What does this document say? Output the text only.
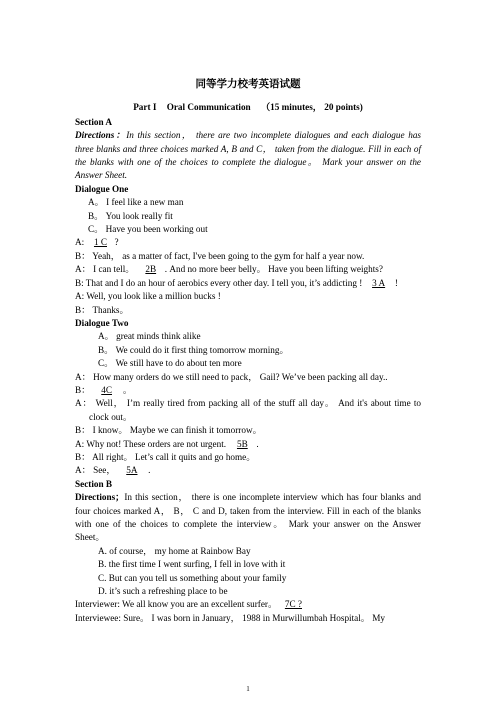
同等学力校考英语试题
Part I Oral Communication （15 minutes， 20 points)
Section A
Directions：In this section， there are two incomplete dialogues and each dialogue has three blanks and three choices marked A, B and C， taken from the dialogue. Fill in each of the blanks with one of the choices to complete the dialogue。 Mark your answer on the Answer Sheet.
Dialogue One
A。 I feel like a new man
B。 You look really fit
C。 Have you been working out
A: 1 C ?
B： Yeah， as a matter of fact, I've been going to the gym for half a year now.
A： I can tell。 2B . And no more beer belly。 Have you been lifting weights?
B: That and I do an hour of aerobics every other day. I tell you, it’s addicting ! 3 A !
A: Well, you look like a million bucks !
B： Thanks。
Dialogue Two
A。 great minds think alike
B。 We could do it first thing tomorrow morning。
C。 We still have to do about ten more
A： How many orders do we still need to pack， Gail? We’ve been packing all day..
B： 4C 。
A： Well， I’m really tired from packing all of the stuff all day。 And it's about time to clock out。
B： I know。 Maybe we can finish it tomorrow。
A: Why not! These orders are not urgent. 5B .
B： All right。 Let’s call it quits and go home。
A： See， 5A .
Section B
Directions；In this section， there is one incomplete interview which has four blanks and four choices marked A， B， C and D, taken from the interview. Fill in each of the blanks with one of the choices to complete the interview。 Mark your answer on the Answer Sheet。
A. of course， my home at Rainbow Bay
B. the first time I went surfing, I fell in love with it
C. But can you tell us something about your family
D. it’s such a refreshing place to be
Interviewer: We all know you are an excellent surfer。 7C ?
Interviewee: Sure。 I was born in January， 1988 in Murwillumbah Hospital。 My
1
